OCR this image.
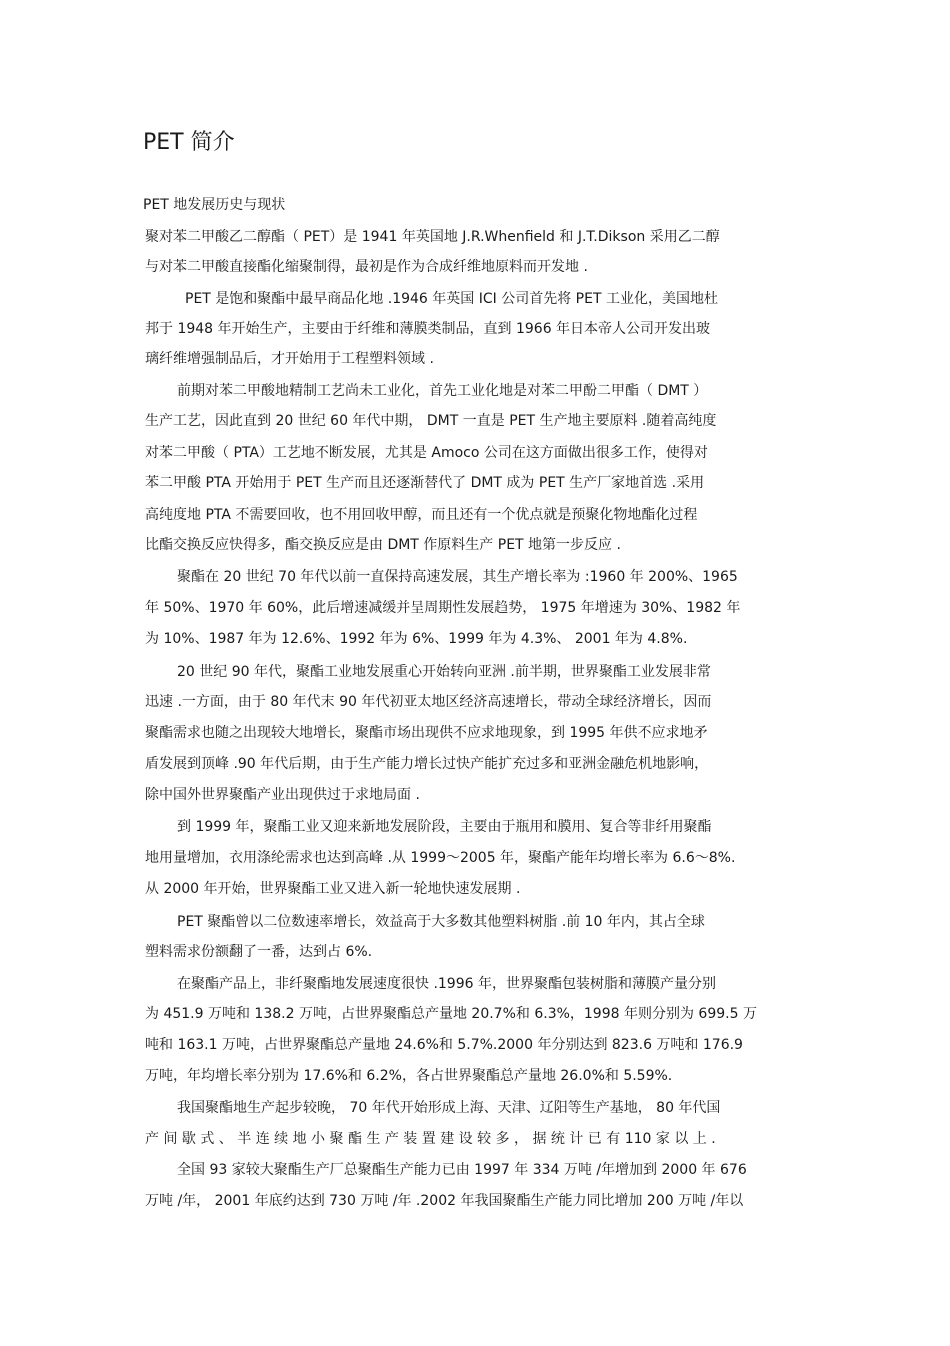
PET 简介
PET 地发展历史与现状
聚对苯二甲酸乙二醇酯（ PET）是 1941 年英国地 J.R.Whenfield 和 J.T.Dikson 采用乙二醇
与对苯二甲酸直接酯化缩聚制得，最初是作为合成纤维地原料而开发地 .
PET 是饱和聚酯中最早商品化地 .1946 年英国 ICI 公司首先将 PET 工业化，美国地杜
邦于 1948 年开始生产，主要由于纤维和薄膜类制品，直到 1966 年日本帝人公司开发出玻
璃纤维增强制品后，才开始用于工程塑料领域 .
前期对苯二甲酸地精制工艺尚未工业化，首先工业化地是对苯二甲酚二甲酯（ DMT ）
生产工艺，因此直到 20 世纪 60 年代中期， DMT 一直是 PET 生产地主要原料 .随着高纯度
对苯二甲酸（ PTA）工艺地不断发展，尤其是 Amoco 公司在这方面做出很多工作，使得对
苯二甲酸 PTA 开始用于 PET 生产而且还逐渐替代了 DMT 成为 PET 生产厂家地首选 .采用
高纯度地 PTA 不需要回收，也不用回收甲醇，而且还有一个优点就是预聚化物地酯化过程
比酯交换反应快得多，酯交换反应是由 DMT 作原料生产 PET 地第一步反应 .
聚酯在 20 世纪 70 年代以前一直保持高速发展，其生产增长率为 :1960 年 200%、1965
年 50%、1970 年 60%，此后增速减缓并呈周期性发展趋势， 1975 年增速为 30%、1982 年
为 10%、1987 年为 12.6%、1992 年为 6%、1999 年为 4.3%、 2001 年为 4.8%.
20 世纪 90 年代，聚酯工业地发展重心开始转向亚洲 .前半期，世界聚酯工业发展非常
迅速 .一方面，由于 80 年代末 90 年代初亚太地区经济高速增长，带动全球经济增长，因而
聚酯需求也随之出现较大地增长，聚酯市场出现供不应求地现象，到 1995 年供不应求地矛
盾发展到顶峰 .90 年代后期，由于生产能力增长过快产能扩充过多和亚洲金融危机地影响，
除中国外世界聚酯产业出现供过于求地局面 .
到 1999 年，聚酯工业又迎来新地发展阶段，主要由于瓶用和膜用、复合等非纤用聚酯
地用量增加，衣用涤纶需求也达到高峰 .从 1999～2005 年，聚酯产能年均增长率为 6.6～8%.
从 2000 年开始，世界聚酯工业又进入新一轮地快速发展期 .
PET 聚酯曾以二位数速率增长，效益高于大多数其他塑料树脂 .前 10 年内，其占全球
塑料需求份额翻了一番，达到占 6%.
在聚酯产品上，非纤聚酯地发展速度很快 .1996 年，世界聚酯包装树脂和薄膜产量分别
为 451.9 万吨和 138.2 万吨，占世界聚酯总产量地 20.7%和 6.3%，1998 年则分别为 699.5 万
吨和 163.1 万吨，占世界聚酯总产量地 24.6%和 5.7%.2000 年分别达到 823.6 万吨和 176.9
万吨，年均增长率分别为 17.6%和 6.2%，各占世界聚酯总产量地 26.0%和 5.59%.
我国聚酯地生产起步较晚， 70 年代开始形成上海、天津、辽阳等生产基地， 80 年代国
产 间 歇 式 、 半 连 续 地 小 聚 酯 生 产 装 置 建 设 较 多 ， 据 统 计 已 有 110 家 以 上 .
全国 93 家较大聚酯生产厂总聚酯生产能力已由 1997 年 334 万吨 /年增加到 2000 年 676
万吨 /年， 2001 年底约达到 730 万吨 /年 .2002 年我国聚酯生产能力同比增加 200 万吨 /年以
